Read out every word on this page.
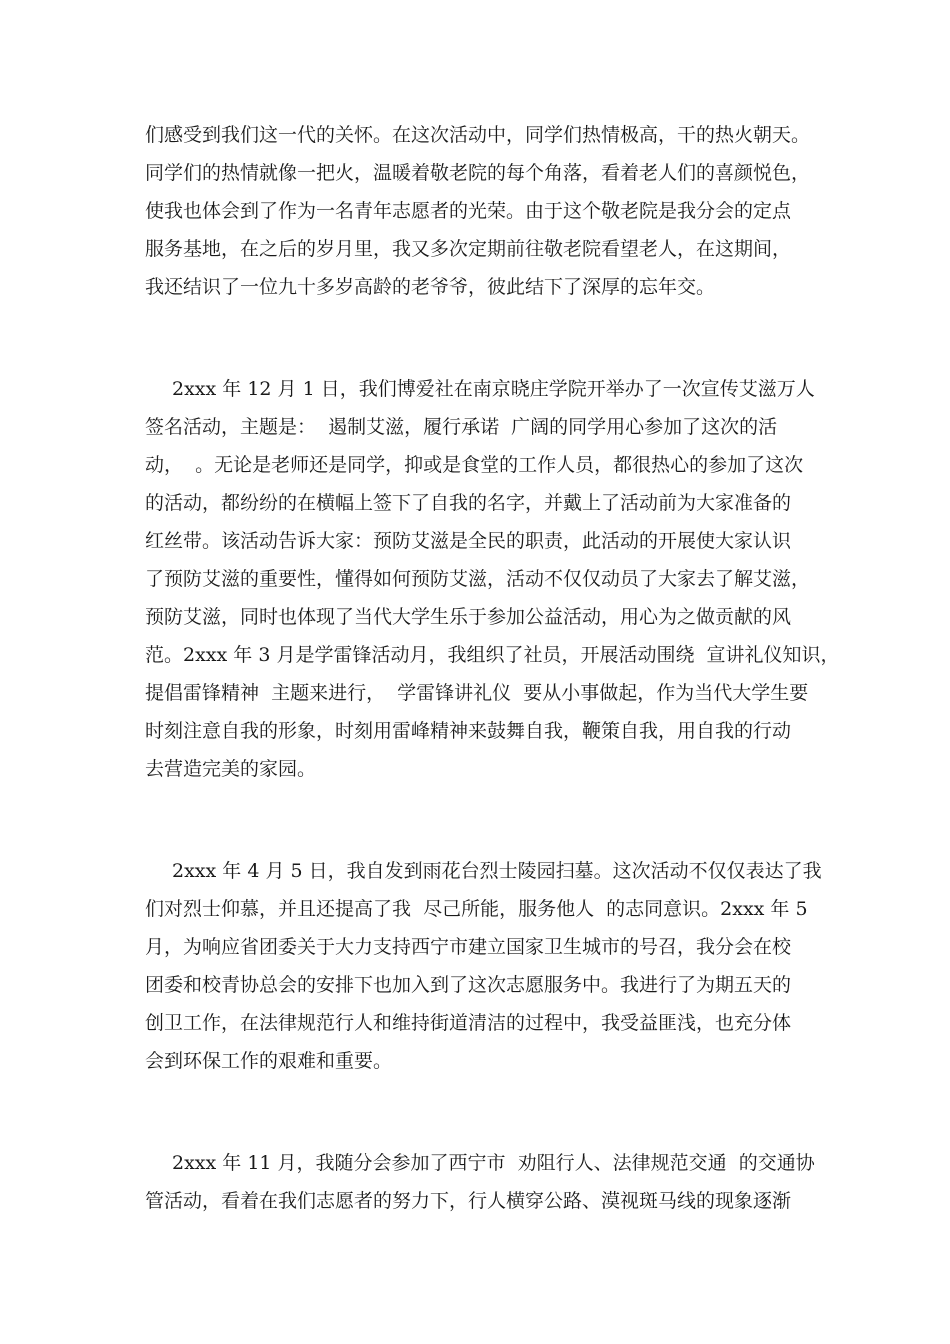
们感受到我们这一代的关怀。在这次活动中，同学们热情极高，干的热火朝天。
同学们的热情就像一把火，温暖着敬老院的每个角落，看着老人们的喜颜悦色，
使我也体会到了作为一名青年志愿者的光荣。由于这个敬老院是我分会的定点
服务基地，在之后的岁月里，我又多次定期前往敬老院看望老人，在这期间，
我还结识了一位九十多岁高龄的老爷爷，彼此结下了深厚的忘年交。
2xxx 年 12 月 1 日，我们博爱社在南京晓庄学院开举办了一次宣传艾滋万人
签名活动，主题是：  遏制艾滋，履行承诺  广阔的同学用心参加了这次的活
动，  。无论是老师还是同学，抑或是食堂的工作人员，都很热心的参加了这次
的活动，都纷纷的在横幅上签下了自我的名字，并戴上了活动前为大家准备的
红丝带。该活动告诉大家：预防艾滋是全民的职责，此活动的开展使大家认识
了预防艾滋的重要性，懂得如何预防艾滋，活动不仅仅动员了大家去了解艾滋，
预防艾滋，同时也体现了当代大学生乐于参加公益活动，用心为之做贡献的风
范。2xxx 年 3 月是学雷锋活动月，我组织了社员，开展活动围绕  宣讲礼仪知识，
提倡雷锋精神  主题来进行，  学雷锋讲礼仪  要从小事做起，作为当代大学生要
时刻注意自我的形象，时刻用雷峰精神来鼓舞自我，鞭策自我，用自我的行动
去营造完美的家园。
2xxx 年 4 月 5 日，我自发到雨花台烈士陵园扫墓。这次活动不仅仅表达了我
们对烈士仰慕，并且还提高了我  尽己所能，服务他人  的志同意识。2xxx 年 5
月，为响应省团委关于大力支持西宁市建立国家卫生城市的号召，我分会在校
团委和校青协总会的安排下也加入到了这次志愿服务中。我进行了为期五天的
创卫工作，在法律规范行人和维持街道清洁的过程中，我受益匪浅，也充分体
会到环保工作的艰难和重要。
2xxx 年 11 月，我随分会参加了西宁市  劝阻行人、法律规范交通  的交通协
管活动，看着在我们志愿者的努力下，行人横穿公路、漠视斑马线的现象逐渐
